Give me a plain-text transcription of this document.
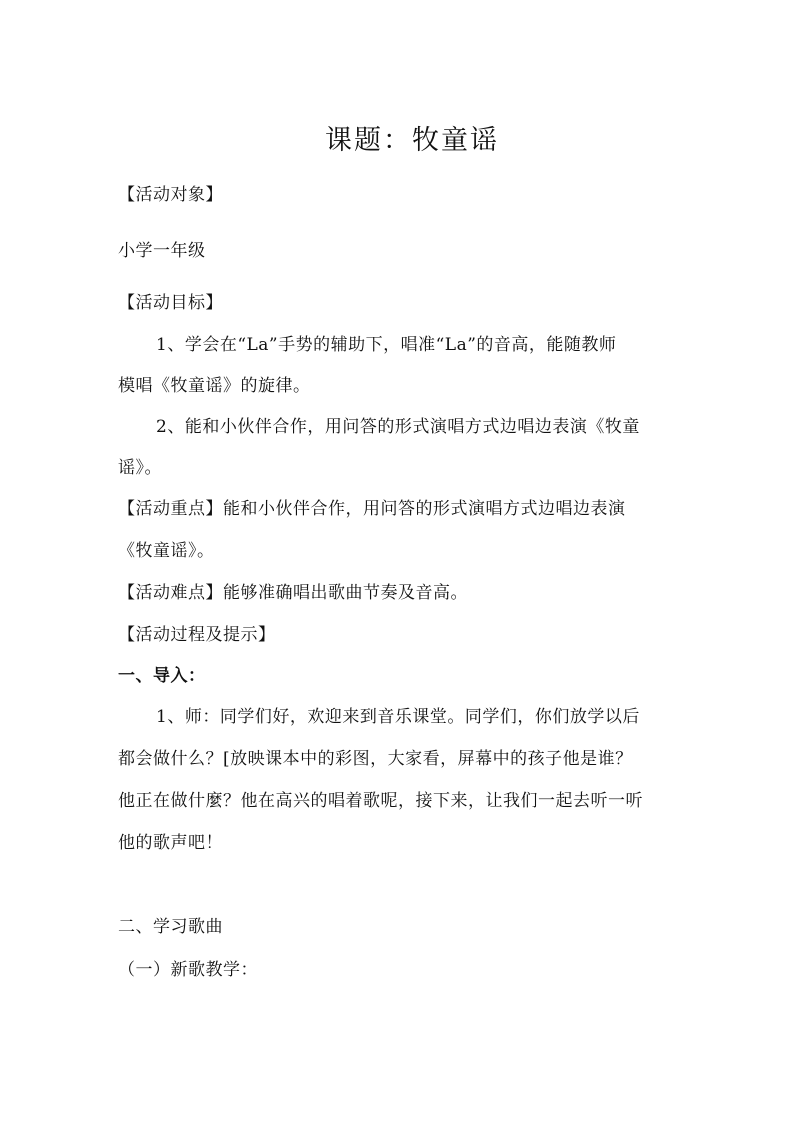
课题：牧童谣
【活动对象】
小学一年级
【活动目标】
1、学会在“La”手势的辅助下，唱准“La”的音高，能随教师
模唱《牧童谣》的旋律。
2、能和小伙伴合作，用问答的形式演唱方式边唱边表演《牧童
谣》。
【活动重点】能和小伙伴合作，用问答的形式演唱方式边唱边表演
《牧童谣》。
【活动难点】能够准确唱出歌曲节奏及音高。
【活动过程及提示】
一、导入：
1、师：同学们好，欢迎来到音乐课堂。同学们，你们放学以后
都会做什么？[放映课本中的彩图，大家看，屏幕中的孩子他是谁？
他正在做什麼？他在高兴的唱着歌呢，接下来，让我们一起去听一听
他的歌声吧！
二、学习歌曲
（一）新歌教学：
